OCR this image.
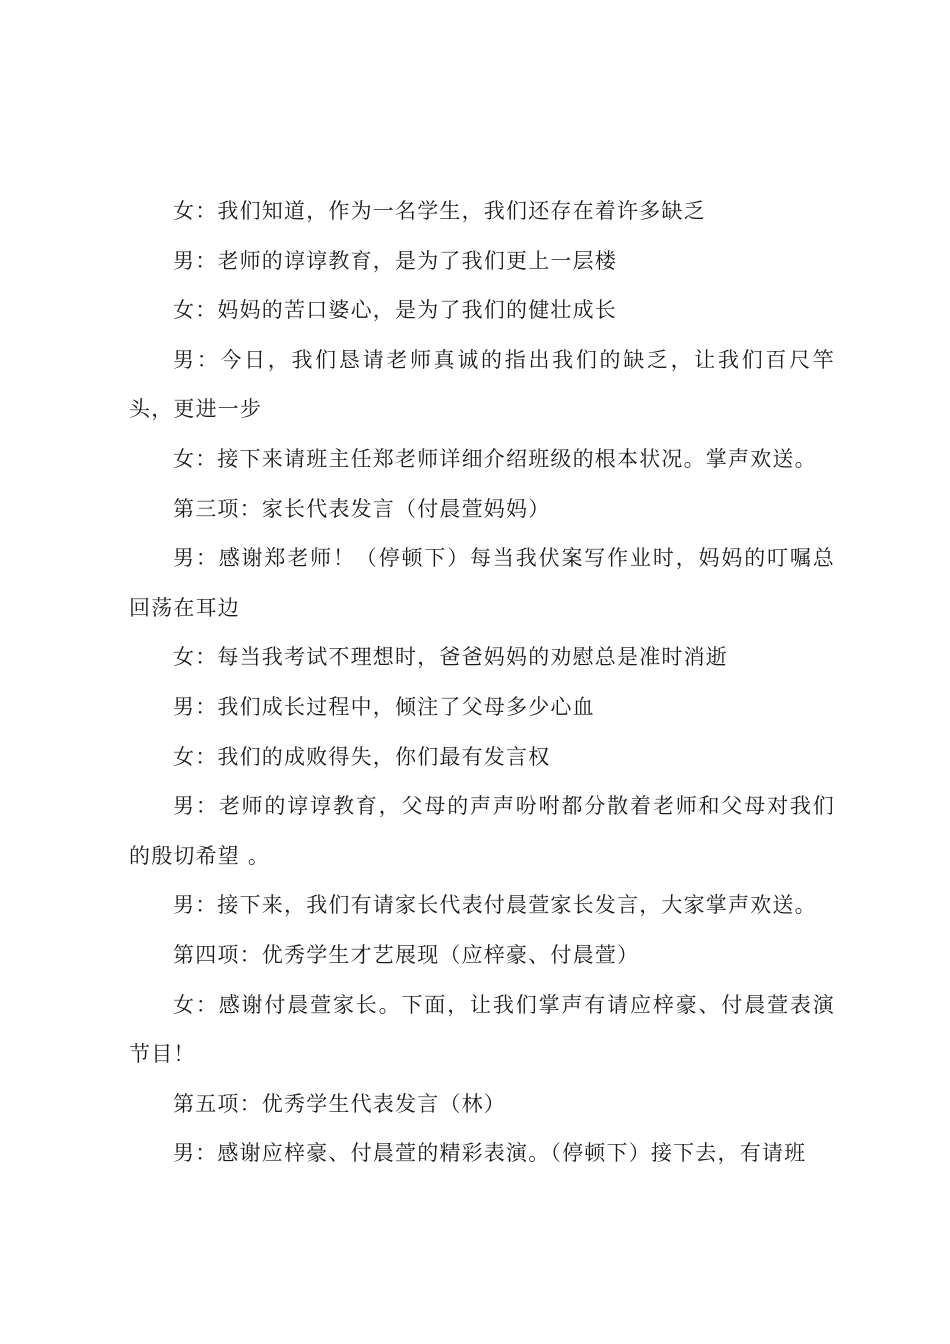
女：我们知道，作为一名学生，我们还存在着许多缺乏

男：老师的谆谆教育，是为了我们更上一层楼

女：妈妈的苦口婆心，是为了我们的健壮成长

男：今日，我们恳请老师真诚的指出我们的缺乏，让我们百尺竿头，更进一步

女：接下来请班主任郑老师详细介绍班级的根本状况。掌声欢送。

第三项：家长代表发言（付晨萱妈妈）

男：感谢郑老师！（停顿下）每当我伏案写作业时，妈妈的叮嘱总回荡在耳边

女：每当我考试不理想时，爸爸妈妈的劝慰总是准时消逝

男：我们成长过程中，倾注了父母多少心血

女：我们的成败得失，你们最有发言权

男：老师的谆谆教育，父母的声声吩咐都分散着老师和父母对我们的殷切希望 。

男：接下来，我们有请家长代表付晨萱家长发言，大家掌声欢送。

第四项：优秀学生才艺展现（应梓豪、付晨萱）

女：感谢付晨萱家长。下面，让我们掌声有请应梓豪、付晨萱表演节目！

第五项：优秀学生代表发言（林）

男：感谢应梓豪、付晨萱的精彩表演。（停顿下）接下去，有请班
